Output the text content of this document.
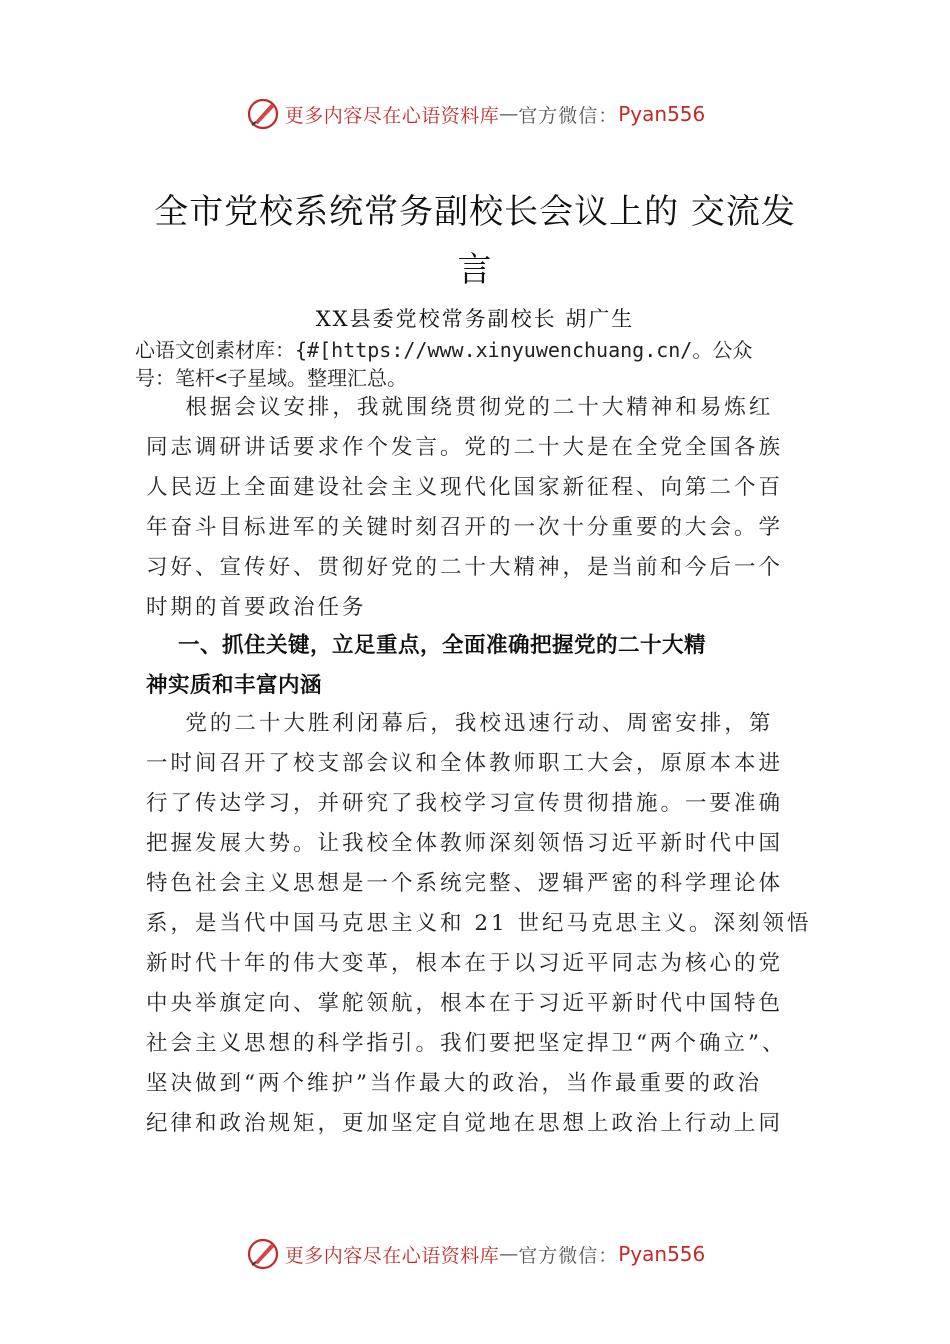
更多内容尽在心语资料库 — 官方微信： Pyan556
全市党校系统常务副校长会议上的 交流发
言
XX县委党校常务副校长 胡广生
心语文创素材库：{#[https://www.xinyuwenchuang.cn/。公众
号：笔杆<子星域。整理汇总。
根据会议安排，我就围绕贯彻党的二十大精神和易炼红
同志调研讲话要求作个发言。党的二十大是在全党全国各族
人民迈上全面建设社会主义现代化国家新征程、向第二个百
年奋斗目标进军的关键时刻召开的一次十分重要的大会。学
习好、宣传好、贯彻好党的二十大精神，是当前和今后一个
时期的首要政治任务
一、抓住关键，立足重点，全面准确把握党的二十大精
神实质和丰富内涵
党的二十大胜利闭幕后，我校迅速行动、周密安排，第
一时间召开了校支部会议和全体教师职工大会，原原本本进
行了传达学习，并研究了我校学习宣传贯彻措施。一要准确
把握发展大势。让我校全体教师深刻领悟习近平新时代中国
特色社会主义思想是一个系统完整、逻辑严密的科学理论体
系，是当代中国马克思主义和 21 世纪马克思主义。深刻领悟
新时代十年的伟大变革，根本在于以习近平同志为核心的党
中央举旗定向、掌舵领航，根本在于习近平新时代中国特色
社会主义思想的科学指引。我们要把坚定捍卫“两个确立”、
坚决做到“两个维护”当作最大的政治，当作最重要的政治
纪律和政治规矩，更加坚定自觉地在思想上政治上行动上同
更多内容尽在心语资料库 — 官方微信： Pyan556
